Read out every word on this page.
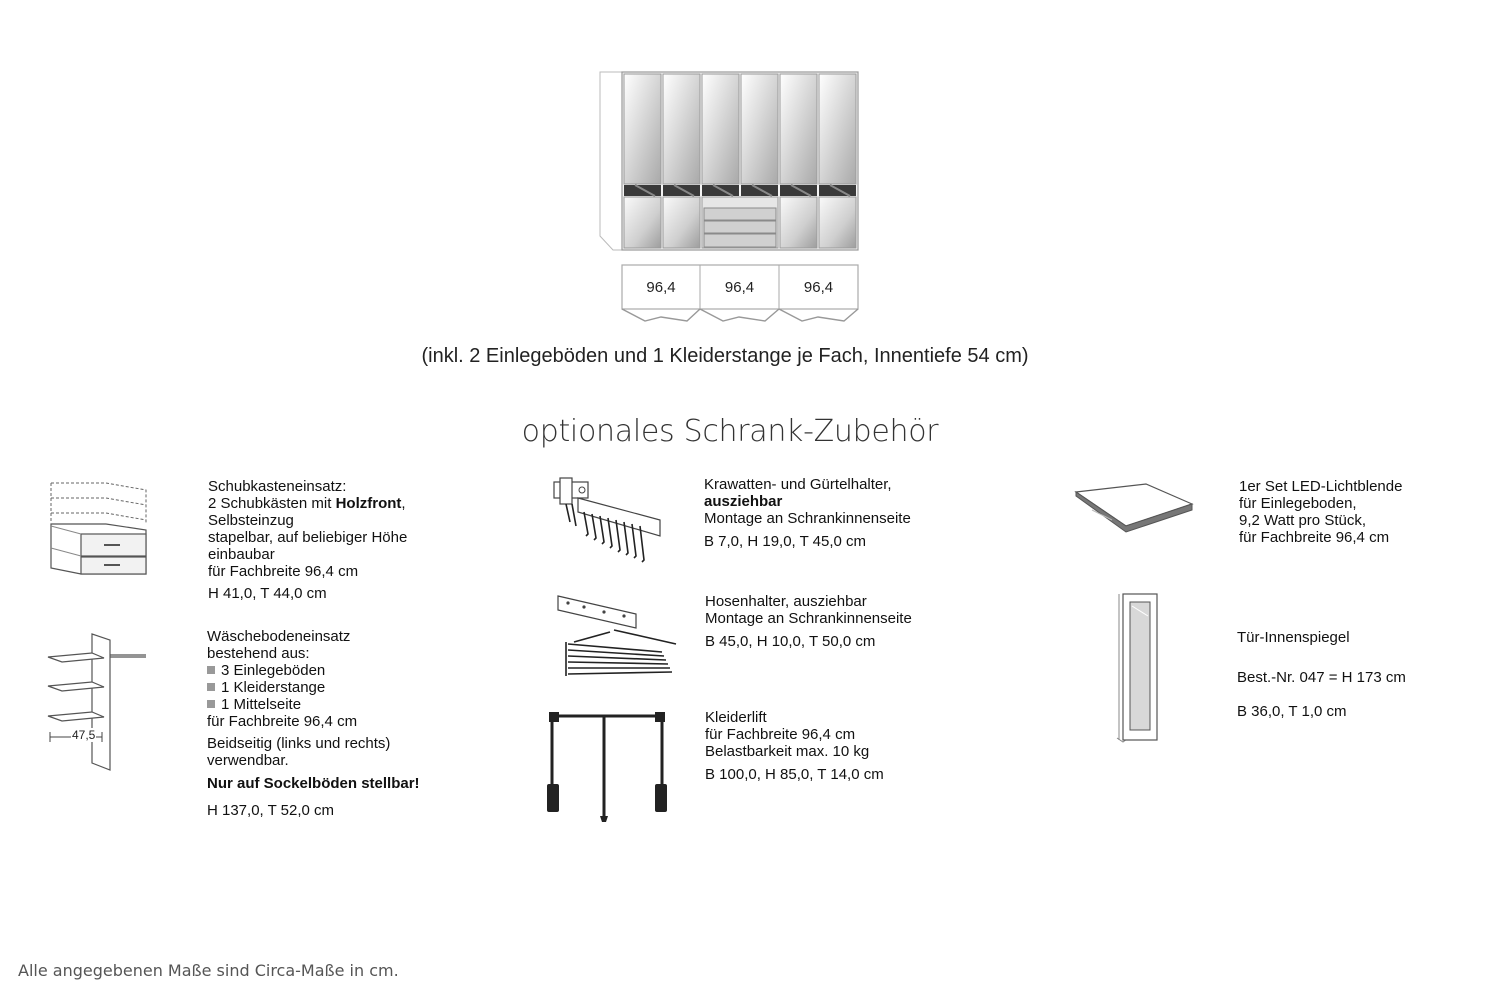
96,4	96,4	96,4
(inkl. 2 Einlegeböden und 1 Kleiderstange je Fach, Innentiefe 54 cm)
optionales Schrank-Zubehör
Schubkasteneinsatz:
2 Schubkästen mit Holzfront,
Selbsteinzug
stapelbar, auf beliebiger Höhe
einbaubar
für Fachbreite 96,4 cm
H 41,0, T 44,0 cm
47,5
Wäschebodeneinsatz
bestehend aus:
3 Einlegeböden
1 Kleiderstange
1 Mittelseite
für Fachbreite 96,4 cm
Beidseitig (links und rechts)
verwendbar.
Nur auf Sockelböden stellbar!
H 137,0, T 52,0 cm
Krawatten- und Gürtelhalter,
ausziehbar
Montage an Schrankinnenseite
B 7,0, H 19,0, T 45,0 cm
Hosenhalter, ausziehbar
Montage an Schrankinnenseite
B 45,0, H 10,0, T 50,0 cm
Kleiderlift
für Fachbreite 96,4 cm
Belastbarkeit max. 10 kg
B 100,0, H 85,0, T 14,0 cm
1er Set LED-Lichtblende
für Einlegeboden,
9,2 Watt pro Stück,
für Fachbreite 96,4 cm
Tür-Innenspiegel
Best.-Nr. 047 = H 173 cm
B 36,0, T 1,0 cm
Alle angegebenen Maße sind Circa-Maße in cm.
